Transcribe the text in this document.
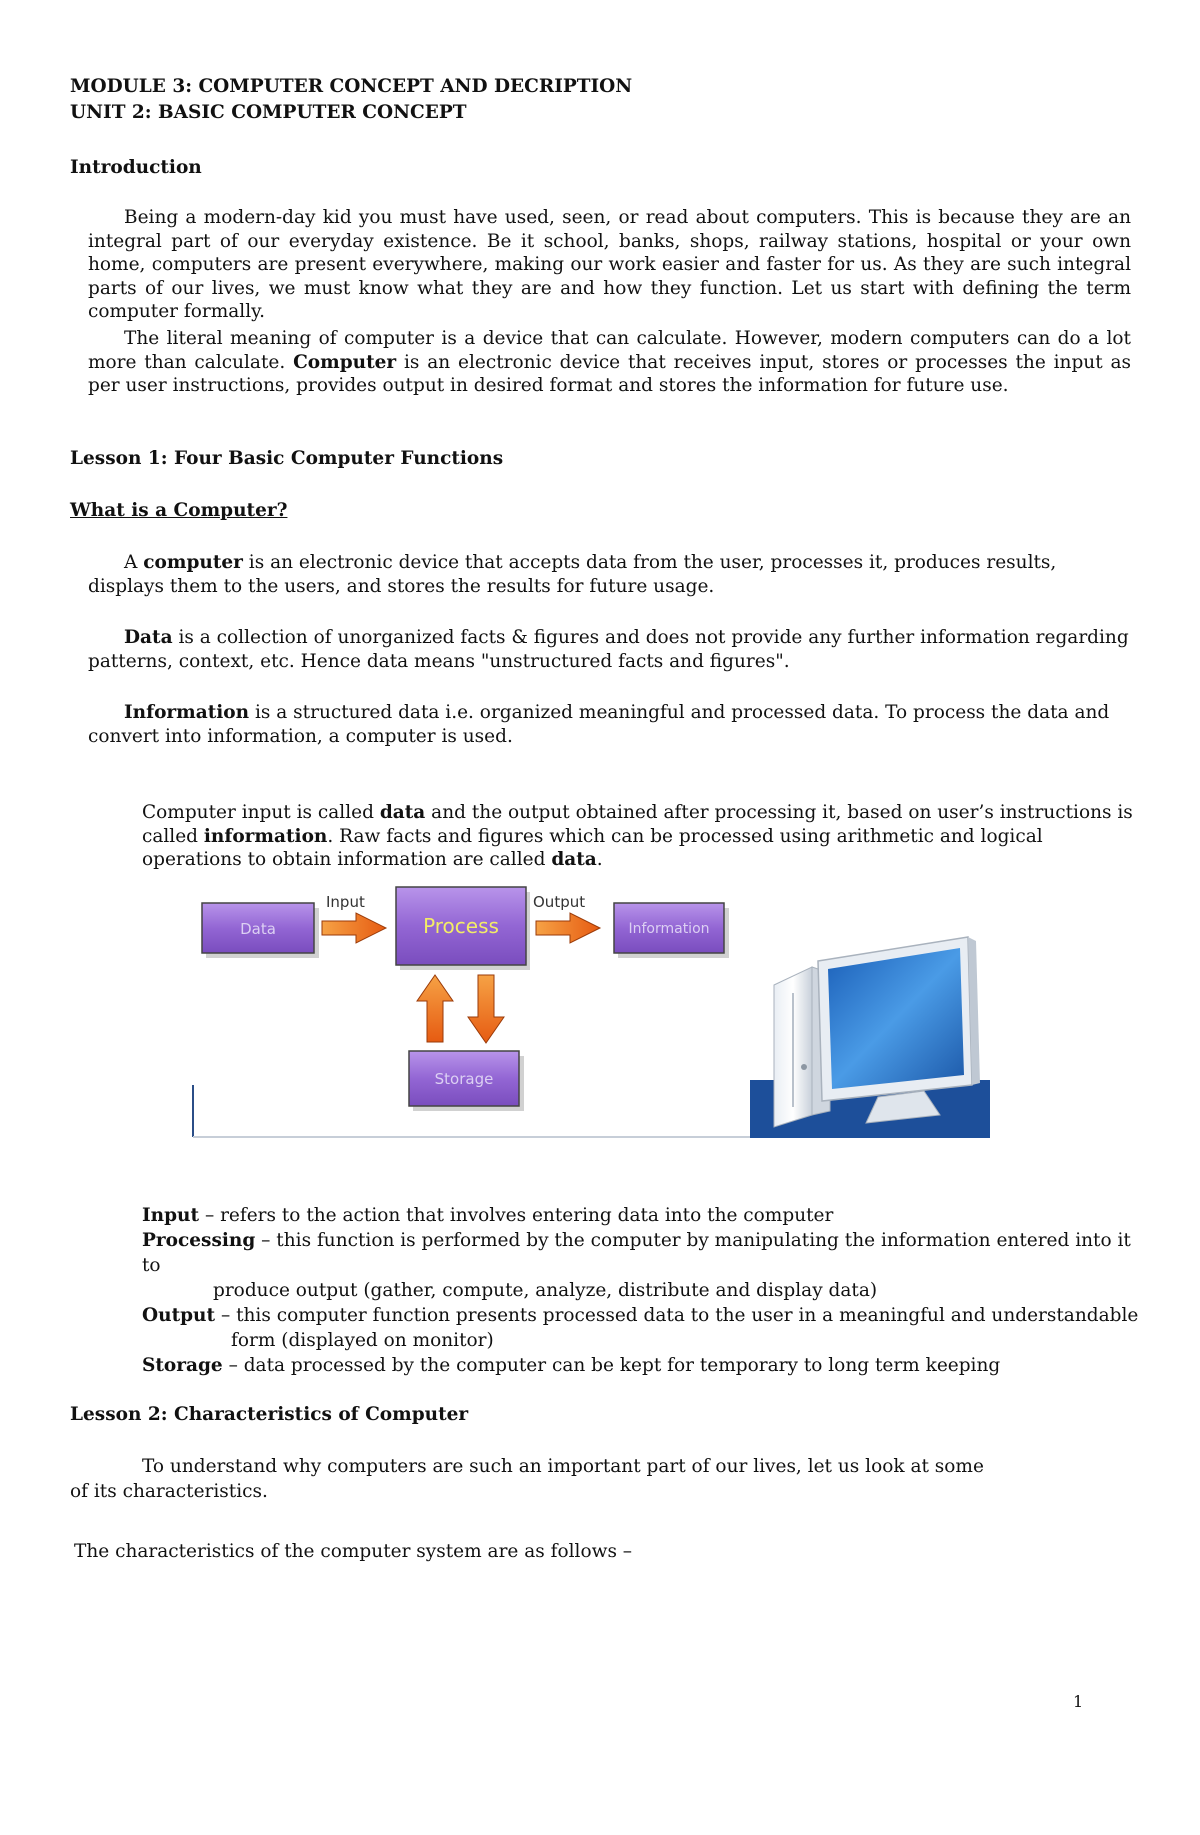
MODULE 3: COMPUTER CONCEPT AND DECRIPTION
UNIT 2: BASIC COMPUTER CONCEPT
Introduction

Being a modern-day kid you must have used, seen, or read about computers. This is because they are an integral part of our everyday existence. Be it school, banks, shops, railway stations, hospital or your own home, computers are present everywhere, making our work easier and faster for us. As they are such integral parts of our lives, we must know what they are and how they function. Let us start with defining the term computer formally.

The literal meaning of computer is a device that can calculate. However, modern computers can do a lot more than calculate. Computer is an electronic device that receives input, stores or processes the input as per user instructions, provides output in desired format and stores the information for future use.

Lesson 1: Four Basic Computer Functions
What is a Computer?

A computer is an electronic device that accepts data from the user, processes it, produces results, displays them to the users, and stores the results for future usage.

Data is a collection of unorganized facts & figures and does not provide any further information regarding patterns, context, etc. Hence data means "unstructured facts and figures".

Information is a structured data i.e. organized meaningful and processed data. To process the data and convert into information, a computer is used.

Computer input is called data and the output obtained after processing it, based on user’s instructions is called information. Raw facts and figures which can be processed using arithmetic and logical operations to obtain information are called data.

Data
Input
Process
Output
Information
Storage

Input – refers to the action that involves entering data into the computer

Processing – this function is performed by the computer by manipulating the information entered into it to

produce output (gather, compute, analyze, distribute and display data)

Output – this computer function presents processed data to the user in a meaningful and understandable

form (displayed on monitor)

Storage – data processed by the computer can be kept for temporary to long term keeping

Lesson 2: Characteristics of Computer
To understand why computers are such an important part of our lives, let us look at some
of its characteristics.
The characteristics of the computer system are as follows –
1
